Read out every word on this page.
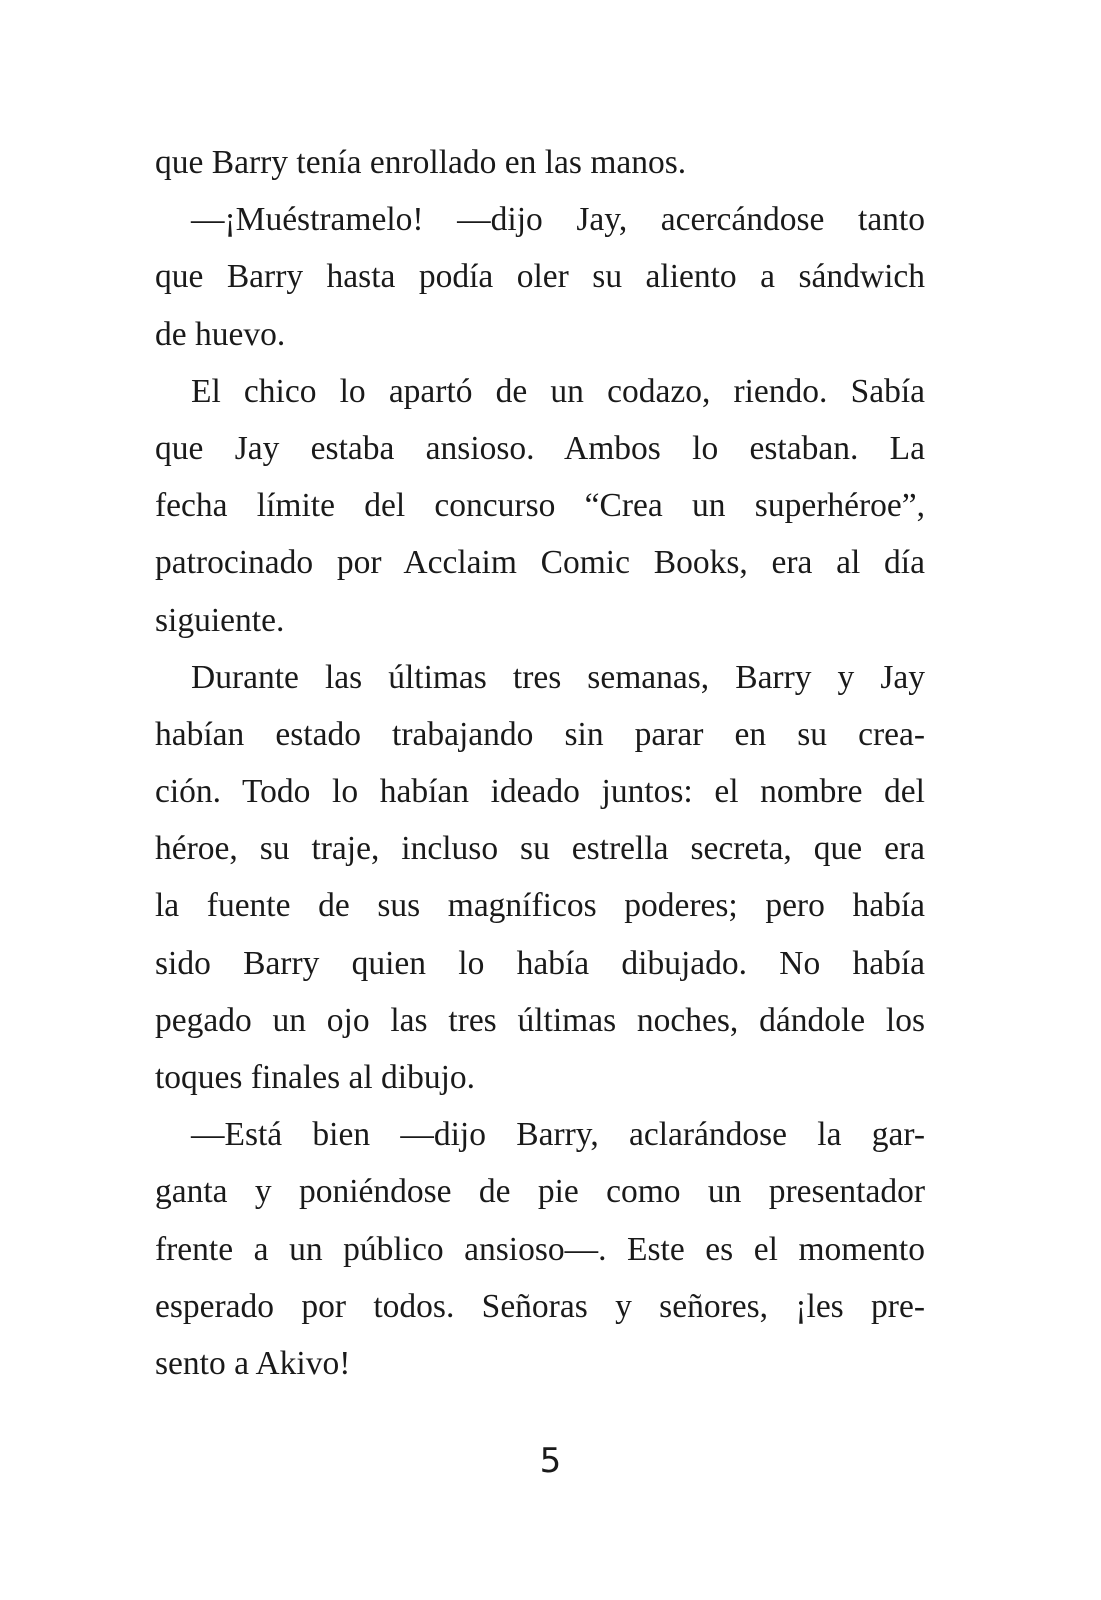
que Barry tenía enrollado en las manos.
—¡Muéstramelo! —dijo Jay, acercándose tanto
que Barry hasta podía oler su aliento a sándwich
de huevo.
El chico lo apartó de un codazo, riendo. Sabía
que Jay estaba ansioso. Ambos lo estaban. La
fecha límite del concurso “Crea un superhéroe”,
patrocinado por Acclaim Comic Books, era al día
siguiente.
Durante las últimas tres semanas, Barry y Jay
habían estado trabajando sin parar en su crea-
ción. Todo lo habían ideado juntos: el nombre del
héroe, su traje, incluso su estrella secreta, que era
la fuente de sus magníficos poderes; pero había
sido Barry quien lo había dibujado. No había
pegado un ojo las tres últimas noches, dándole los
toques finales al dibujo.
—Está bien —dijo Barry, aclarándose la gar-
ganta y poniéndose de pie como un presentador
frente a un público ansioso—. Este es el momento
esperado por todos. Señoras y señores, ¡les pre-
sento a Akivo!
5
